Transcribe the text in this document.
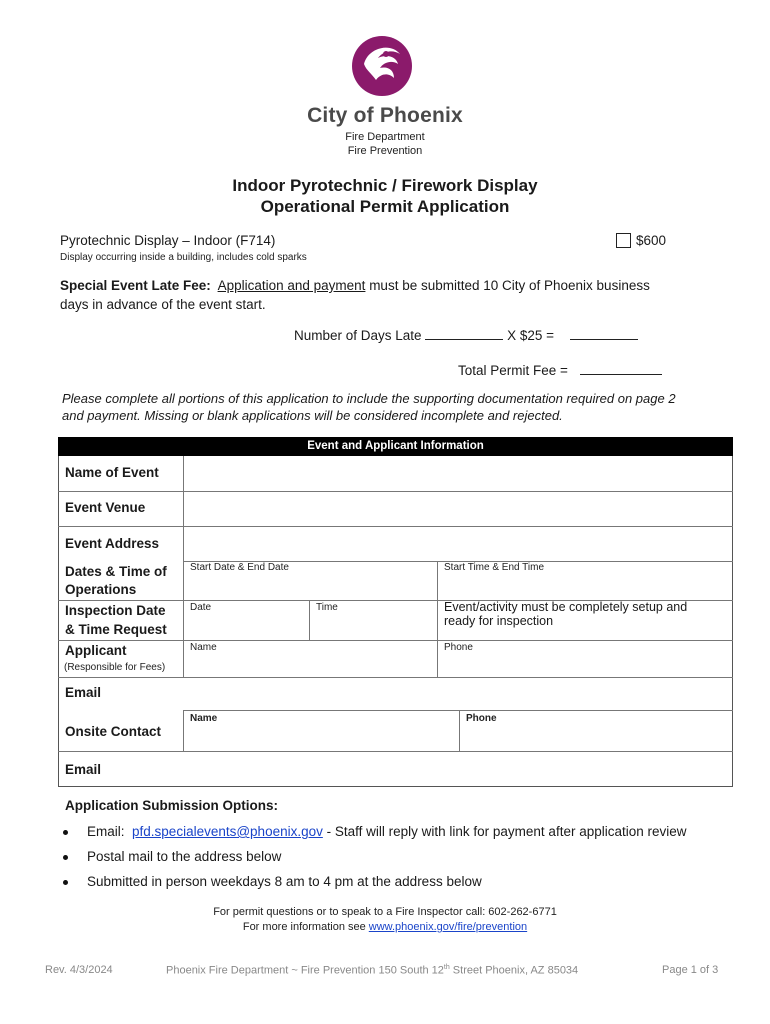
City of Phoenix
Fire Department
Fire Prevention
Indoor Pyrotechnic / Firework Display
Operational Permit Application
Pyrotechnic Display – Indoor (F714)	$600
Display occurring inside a building, includes cold sparks
Special Event Late Fee: Application and payment must be submitted 10 City of Phoenix business
days in advance of the event start.
Number of Days Late	X $25 =
Total Permit Fee =
Please complete all portions of this application to include the supporting documentation required on page 2
and payment. Missing or blank applications will be considered incomplete and rejected.
Event and Applicant Information
Name of Event
Event Venue
Event Address
Dates & Time of
Operations
Start Date & End Date	Start Time & End Time
Inspection Date
& Time Request
Date	Time	Event/activity must be completely setup and
ready for inspection
Applicant
(Responsible for Fees)
Name	Phone
Email
Onsite Contact
Name	Phone
Email
Application Submission Options:
Email: pfd.specialevents@phoenix.gov - Staff will reply with link for payment after application review
Postal mail to the address below
Submitted in person weekdays 8 am to 4 pm at the address below
For permit questions or to speak to a Fire Inspector call: 602-262-6771
For more information see www.phoenix.gov/fire/prevention
Rev. 4/3/2024	Phoenix Fire Department ~ Fire Prevention 150 South 12th Street Phoenix, AZ 85034	Page 1 of 3
